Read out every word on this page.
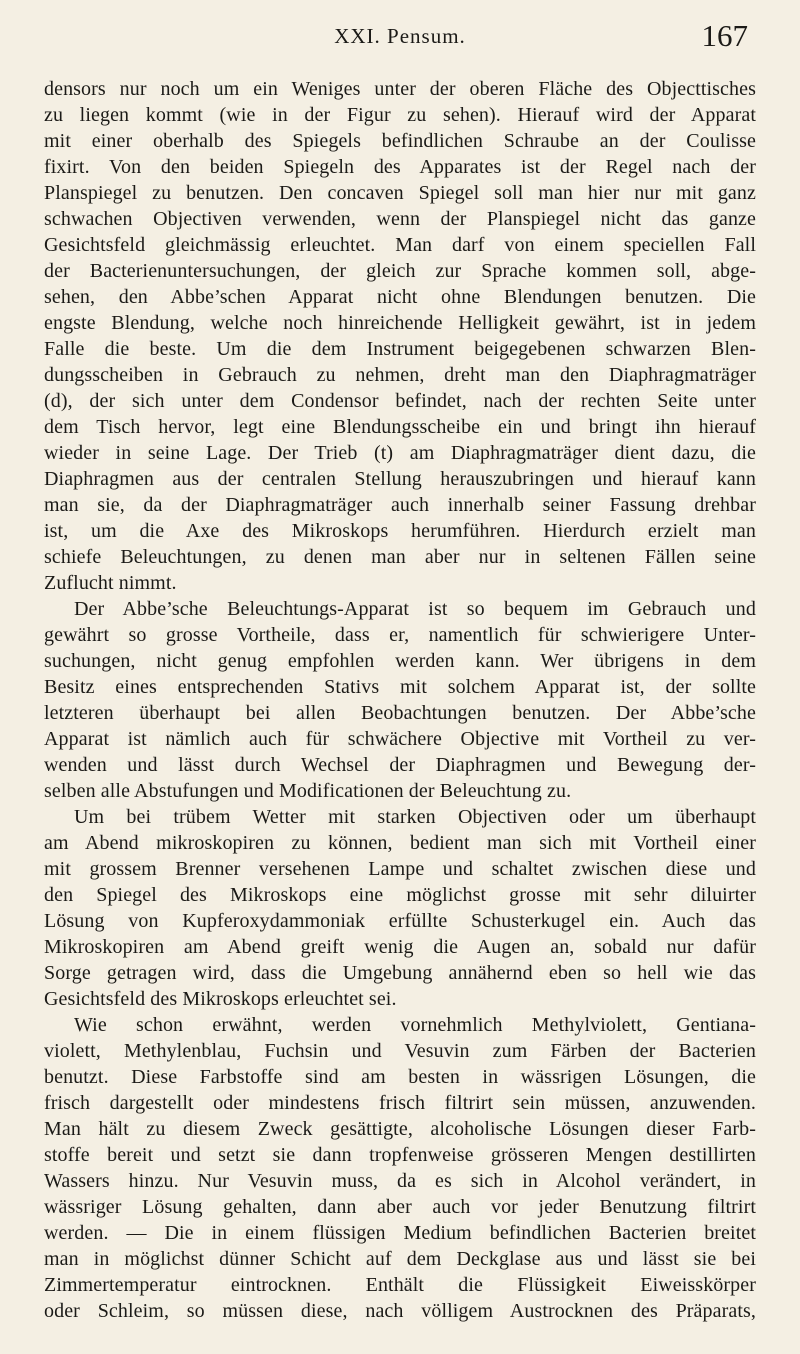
XXI. Pensum.	167
densors nur noch um ein Weniges unter der oberen Fläche des Objecttisches
zu liegen kommt (wie in der Figur zu sehen). Hierauf wird der Apparat
mit einer oberhalb des Spiegels befindlichen Schraube an der Coulisse
fixirt. Von den beiden Spiegeln des Apparates ist der Regel nach der
Planspiegel zu benutzen. Den concaven Spiegel soll man hier nur mit ganz
schwachen Objectiven verwenden, wenn der Planspiegel nicht das ganze
Gesichtsfeld gleichmässig erleuchtet. Man darf von einem speciellen Fall
der Bacterienuntersuchungen, der gleich zur Sprache kommen soll, abge-
sehen, den Abbe’schen Apparat nicht ohne Blendungen benutzen. Die
engste Blendung, welche noch hinreichende Helligkeit gewährt, ist in jedem
Falle die beste. Um die dem Instrument beigegebenen schwarzen Blen-
dungsscheiben in Gebrauch zu nehmen, dreht man den Diaphragmaträger
(d), der sich unter dem Condensor befindet, nach der rechten Seite unter
dem Tisch hervor, legt eine Blendungsscheibe ein und bringt ihn hierauf
wieder in seine Lage. Der Trieb (t) am Diaphragmaträger dient dazu, die
Diaphragmen aus der centralen Stellung herauszubringen und hierauf kann
man sie, da der Diaphragmaträger auch innerhalb seiner Fassung drehbar
ist, um die Axe des Mikroskops herumführen. Hierdurch erzielt man
schiefe Beleuchtungen, zu denen man aber nur in seltenen Fällen seine
Zuflucht nimmt.
Der Abbe’sche Beleuchtungs-Apparat ist so bequem im Gebrauch und
gewährt so grosse Vortheile, dass er, namentlich für schwierigere Unter-
suchungen, nicht genug empfohlen werden kann. Wer übrigens in dem
Besitz eines entsprechenden Stativs mit solchem Apparat ist, der sollte
letzteren überhaupt bei allen Beobachtungen benutzen. Der Abbe’sche
Apparat ist nämlich auch für schwächere Objective mit Vortheil zu ver-
wenden und lässt durch Wechsel der Diaphragmen und Bewegung der-
selben alle Abstufungen und Modificationen der Beleuchtung zu.
Um bei trübem Wetter mit starken Objectiven oder um überhaupt
am Abend mikroskopiren zu können, bedient man sich mit Vortheil einer
mit grossem Brenner versehenen Lampe und schaltet zwischen diese und
den Spiegel des Mikroskops eine möglichst grosse mit sehr diluirter
Lösung von Kupferoxydammoniak erfüllte Schusterkugel ein. Auch das
Mikroskopiren am Abend greift wenig die Augen an, sobald nur dafür
Sorge getragen wird, dass die Umgebung annähernd eben so hell wie das
Gesichtsfeld des Mikroskops erleuchtet sei.
Wie schon erwähnt, werden vornehmlich Methylviolett, Gentiana-
violett, Methylenblau, Fuchsin und Vesuvin zum Färben der Bacterien
benutzt. Diese Farbstoffe sind am besten in wässrigen Lösungen, die
frisch dargestellt oder mindestens frisch filtrirt sein müssen, anzuwenden.
Man hält zu diesem Zweck gesättigte, alcoholische Lösungen dieser Farb-
stoffe bereit und setzt sie dann tropfenweise grösseren Mengen destillirten
Wassers hinzu. Nur Vesuvin muss, da es sich in Alcohol verändert, in
wässriger Lösung gehalten, dann aber auch vor jeder Benutzung filtrirt
werden. — Die in einem flüssigen Medium befindlichen Bacterien breitet
man in möglichst dünner Schicht auf dem Deckglase aus und lässt sie bei
Zimmertemperatur eintrocknen. Enthält die Flüssigkeit Eiweisskörper
oder Schleim, so müssen diese, nach völligem Austrocknen des Präparats,
